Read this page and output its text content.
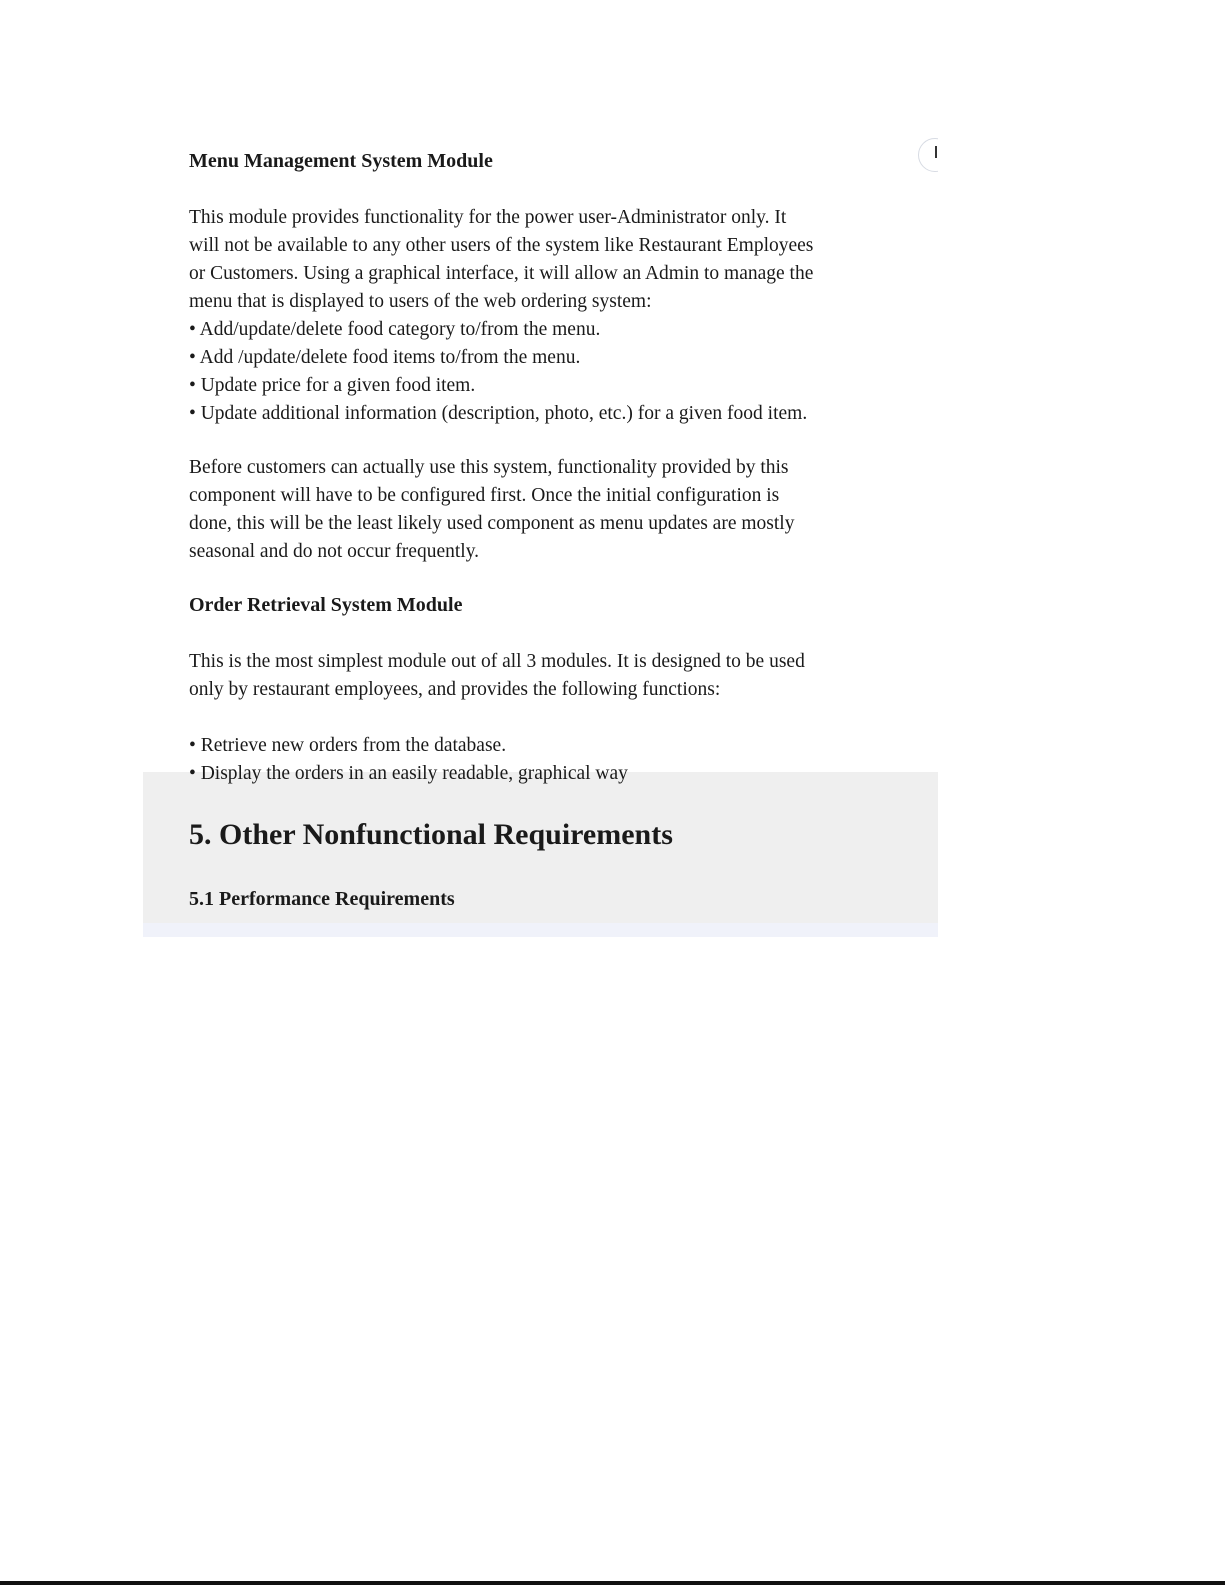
Menu Management System Module
This module provides functionality for the power user-Administrator only. It
will not be available to any other users of the system like Restaurant Employees
or Customers. Using a graphical interface, it will allow an Admin to manage the
menu that is displayed to users of the web ordering system:
• Add/update/delete food category to/from the menu.
• Add /update/delete food items to/from the menu.
• Update price for a given food item.
• Update additional information (description, photo, etc.) for a given food item.
Before customers can actually use this system, functionality provided by this
component will have to be configured first. Once the initial configuration is
done, this will be the least likely used component as menu updates are mostly
seasonal and do not occur frequently.
Order Retrieval System Module
This is the most simplest module out of all 3 modules. It is designed to be used
only by restaurant employees, and provides the following functions:
• Retrieve new orders from the database.
• Display the orders in an easily readable, graphical way
5. Other Nonfunctional Requirements
5.1 Performance Requirements
